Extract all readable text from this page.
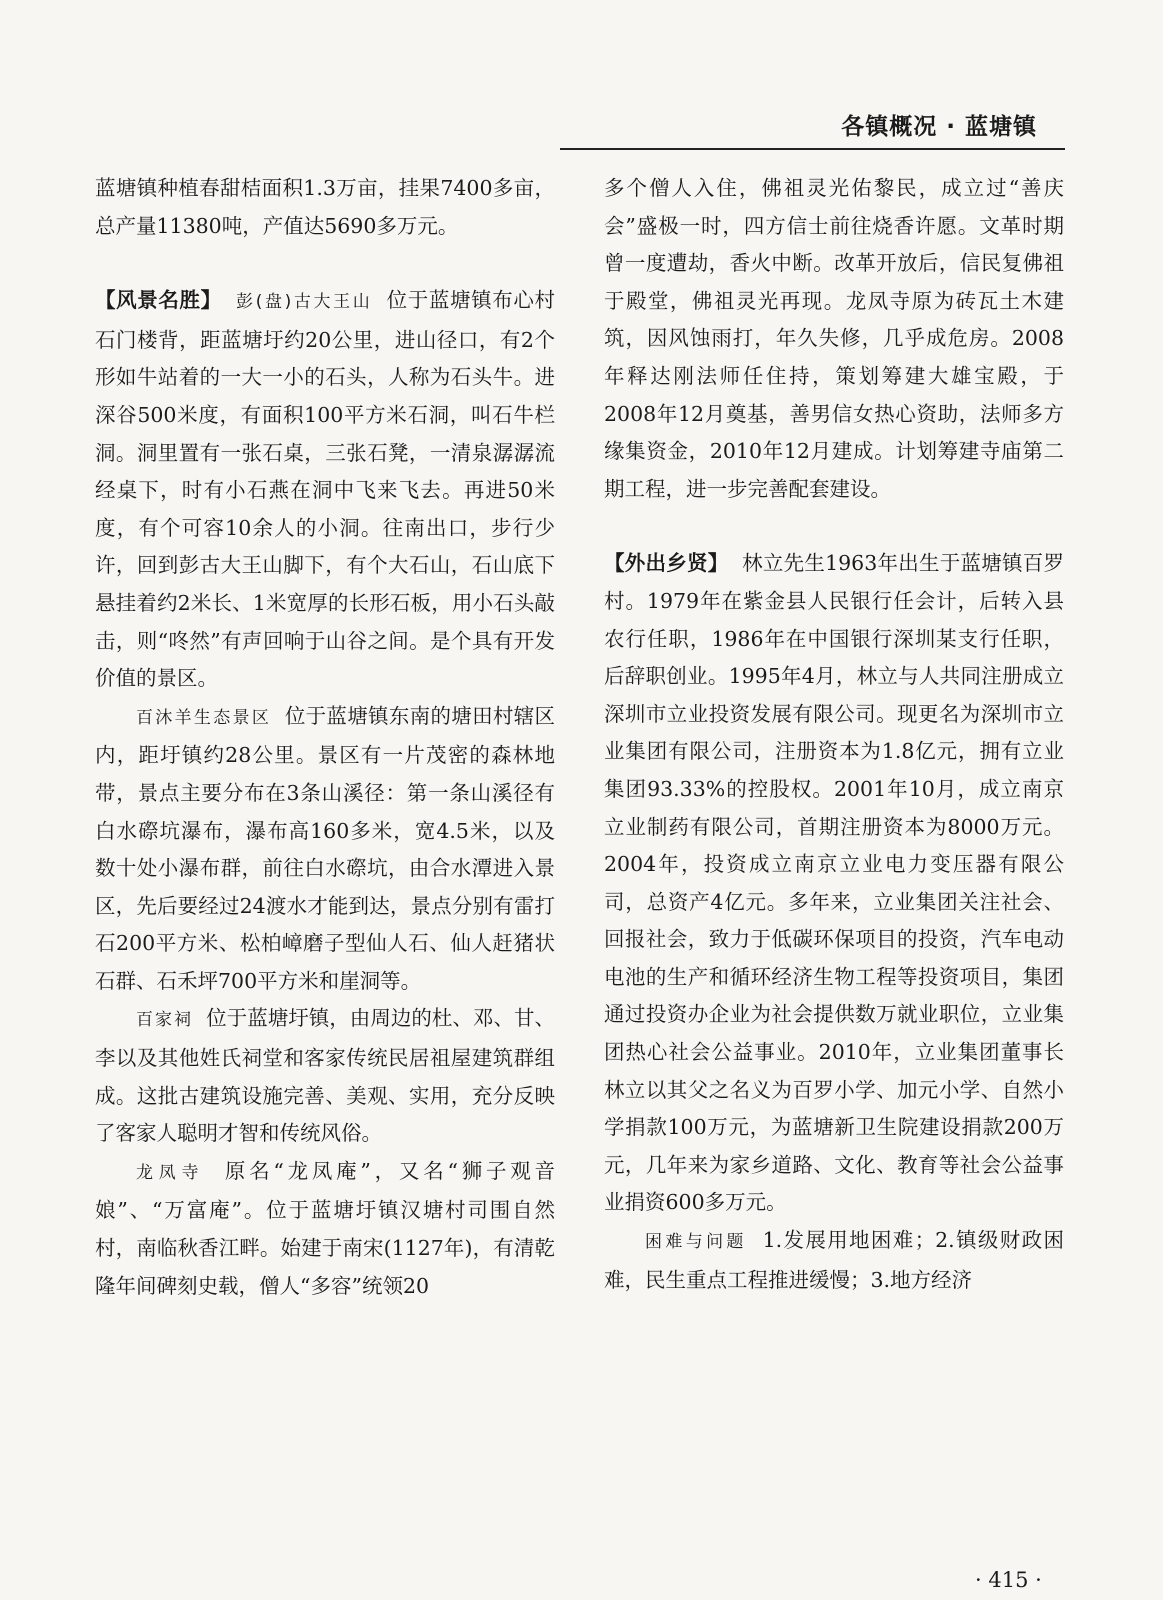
各镇概况 · 蓝塘镇

蓝塘镇种植春甜桔面积1.3万亩，挂果7400多亩，总产量11380吨，产值达5690多万元。

【风景名胜】 彭(盘)古大王山 位于蓝塘镇布心村石门楼背，距蓝塘圩约20公里，进山径口，有2个形如牛站着的一大一小的石头，人称为石头牛。进深谷500米度，有面积100平方米石洞，叫石牛栏洞。洞里置有一张石桌，三张石凳，一清泉潺潺流经桌下，时有小石燕在洞中飞来飞去。再进50米度，有个可容10余人的小洞。往南出口，步行少许，回到彭古大王山脚下，有个大石山，石山底下悬挂着约2米长、1米宽厚的长形石板，用小石头敲击，则“咚然”有声回响于山谷之间。是个具有开发价值的景区。

百沐羊生态景区 位于蓝塘镇东南的塘田村辖区内，距圩镇约28公里。景区有一片茂密的森林地带，景点主要分布在3条山溪径：第一条山溪径有白水磜坑瀑布，瀑布高160多米，宽4.5米，以及数十处小瀑布群，前往白水磜坑，由合水潭进入景区，先后要经过24渡水才能到达，景点分别有雷打石200平方米、松柏嶂磨子型仙人石、仙人赶猪状石群、石禾坪700平方米和崖洞等。

百家祠 位于蓝塘圩镇，由周边的杜、邓、甘、李以及其他姓氏祠堂和客家传统民居祖屋建筑群组成。这批古建筑设施完善、美观、实用，充分反映了客家人聪明才智和传统风俗。

龙凤寺 原名“龙凤庵”，又名“狮子观音娘”、“万富庵”。位于蓝塘圩镇汉塘村司围自然村，南临秋香江畔。始建于南宋(1127年)，有清乾隆年间碑刻史载，僧人“多容”统领20

多个僧人入住，佛祖灵光佑黎民，成立过“善庆会”盛极一时，四方信士前往烧香许愿。文革时期曾一度遭劫，香火中断。改革开放后，信民复佛祖于殿堂，佛祖灵光再现。龙凤寺原为砖瓦土木建筑，因风蚀雨打，年久失修，几乎成危房。2008年释达刚法师任住持，策划筹建大雄宝殿，于2008年12月奠基，善男信女热心资助，法师多方缘集资金，2010年12月建成。计划筹建寺庙第二期工程，进一步完善配套建设。

【外出乡贤】 林立先生1963年出生于蓝塘镇百罗村。1979年在紫金县人民银行任会计，后转入县农行任职，1986年在中国银行深圳某支行任职，后辞职创业。1995年4月，林立与人共同注册成立深圳市立业投资发展有限公司。现更名为深圳市立业集团有限公司，注册资本为1.8亿元，拥有立业集团93.33%的控股权。2001年10月，成立南京立业制药有限公司，首期注册资本为8000万元。2004年，投资成立南京立业电力变压器有限公司，总资产4亿元。多年来，立业集团关注社会、回报社会，致力于低碳环保项目的投资，汽车电动电池的生产和循环经济生物工程等投资项目，集团通过投资办企业为社会提供数万就业职位，立业集团热心社会公益事业。2010年，立业集团董事长林立以其父之名义为百罗小学、加元小学、自然小学捐款100万元，为蓝塘新卫生院建设捐款200万元，几年来为家乡道路、文化、教育等社会公益事业捐资600多万元。

困难与问题 1.发展用地困难；2.镇级财政困难，民生重点工程推进缓慢；3.地方经济

· 415 ·
